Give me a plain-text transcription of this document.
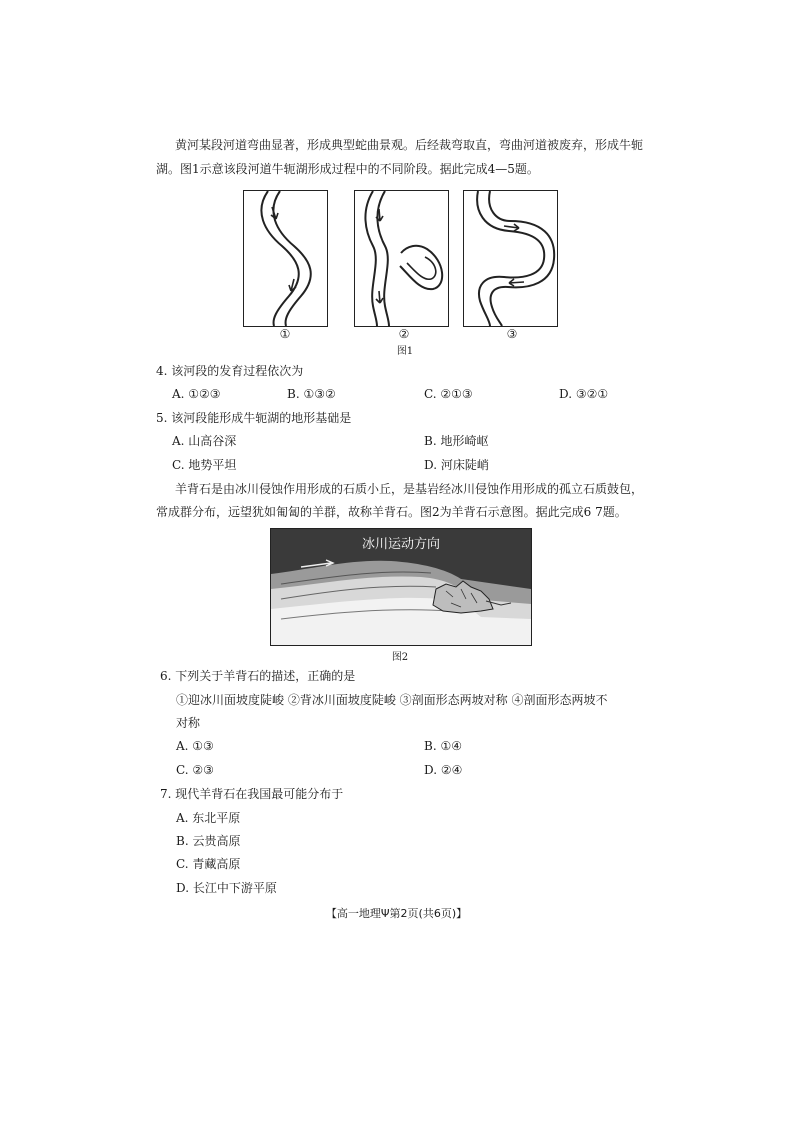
黄河某段河道弯曲显著，形成典型蛇曲景观。后经裁弯取直，弯曲河道被废弃，形成牛轭
湖。图1示意该段河道牛轭湖形成过程中的不同阶段。据此完成4—5题。
①	②	③
图1
4. 该河段的发育过程依次为
A. ①②③	B. ①③②	C. ②①③	D. ③②①
5. 该河段能形成牛轭湖的地形基础是
A. 山高谷深	B. 地形崎岖
C. 地势平坦	D. 河床陡峭
羊背石是由冰川侵蚀作用形成的石质小丘，是基岩经冰川侵蚀作用形成的孤立石质鼓包，
常成群分布，远望犹如匍匐的羊群，故称羊背石。图2为羊背石示意图。据此完成6 7题。
冰川运动方向
图2
6. 下列关于羊背石的描述，正确的是
①迎冰川面坡度陡峻 ②背冰川面坡度陡峻 ③剖面形态两坡对称 ④剖面形态两坡不
对称
A. ①③	B. ①④
C. ②③	D. ②④
7. 现代羊背石在我国最可能分布于
A. 东北平原
B. 云贵高原
C. 青藏高原
D. 长江中下游平原
【高一地理Ψ第2页(共6页)】
